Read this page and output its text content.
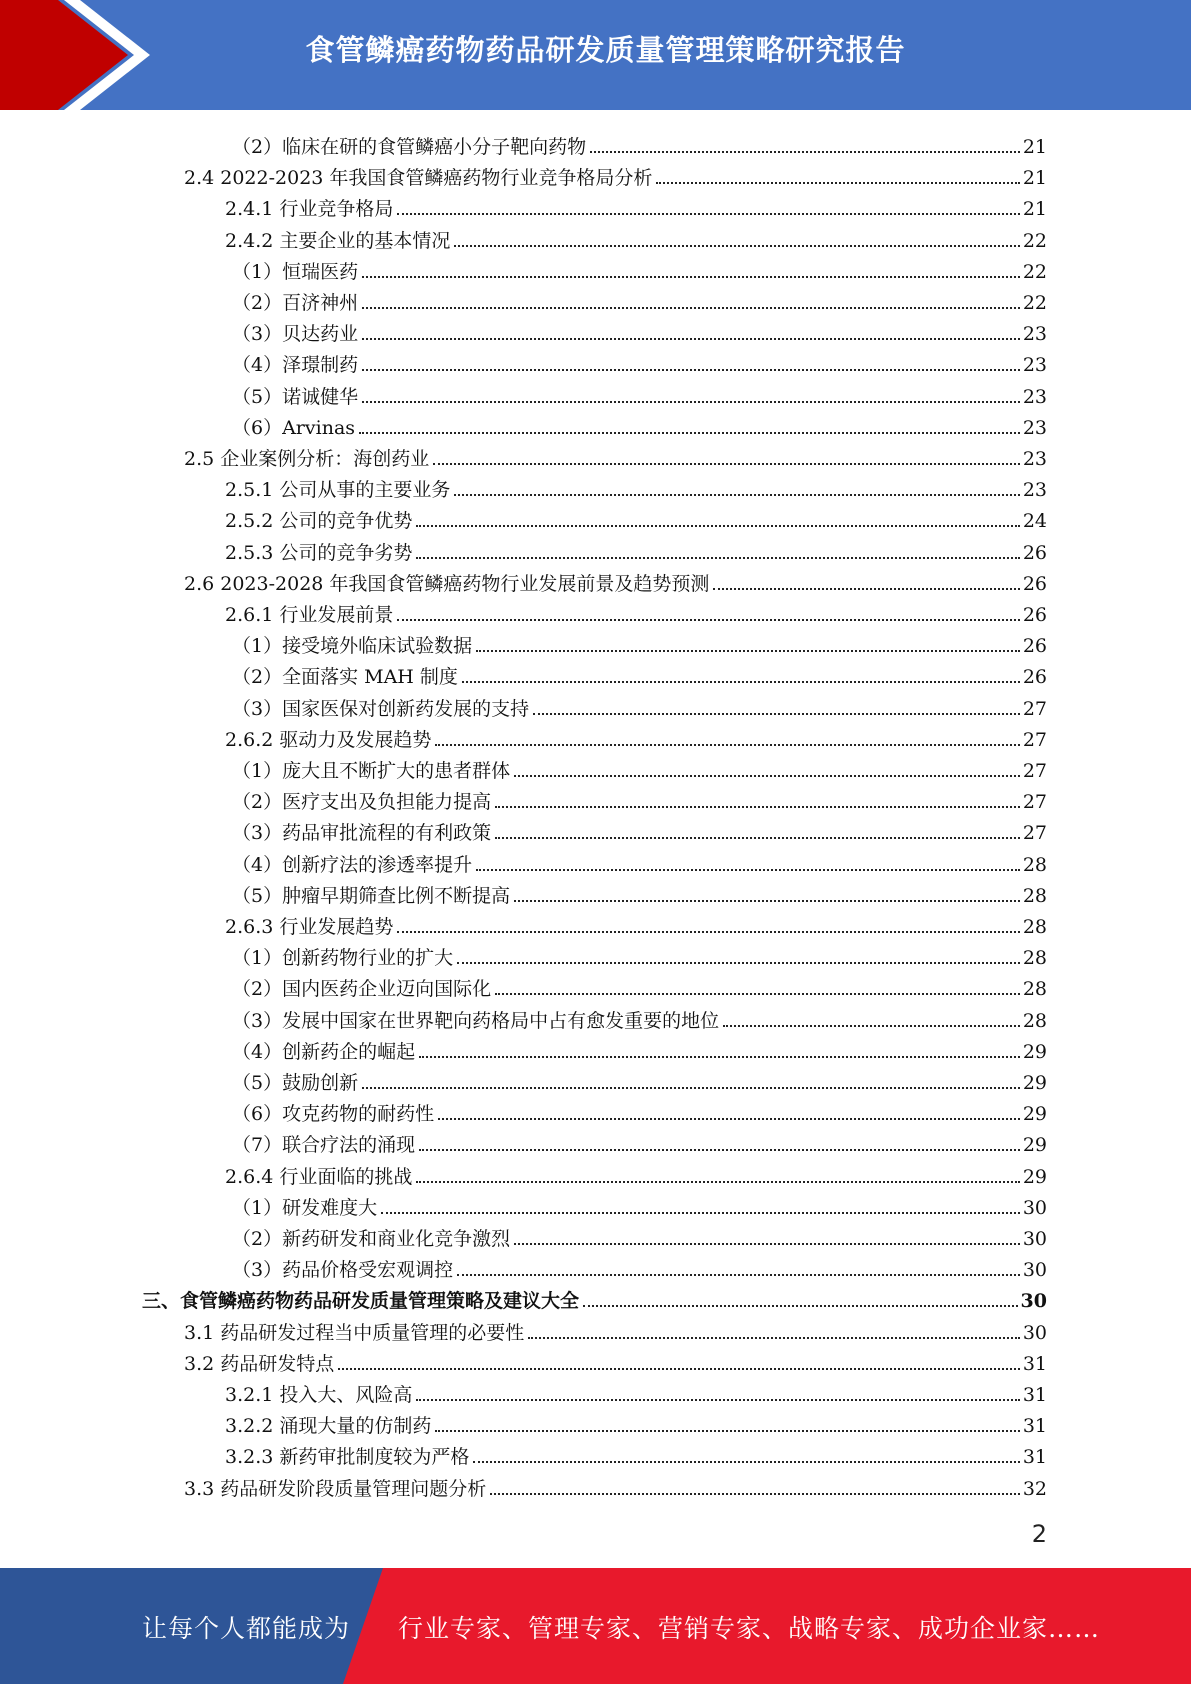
食管鳞癌药物药品研发质量管理策略研究报告
（2）临床在研的食管鳞癌小分子靶向药物	21
2.4 2022-2023 年我国食管鳞癌药物行业竞争格局分析	21
2.4.1 行业竞争格局	21
2.4.2 主要企业的基本情况	22
（1）恒瑞医药	22
（2）百济神州	22
（3）贝达药业	23
（4）泽璟制药	23
（5）诺诚健华	23
（6）Arvinas	23
2.5 企业案例分析：海创药业	23
2.5.1 公司从事的主要业务	23
2.5.2 公司的竞争优势	24
2.5.3 公司的竞争劣势	26
2.6 2023-2028 年我国食管鳞癌药物行业发展前景及趋势预测	26
2.6.1 行业发展前景	26
（1）接受境外临床试验数据	26
（2）全面落实 MAH 制度	26
（3）国家医保对创新药发展的支持	27
2.6.2 驱动力及发展趋势	27
（1）庞大且不断扩大的患者群体	27
（2）医疗支出及负担能力提高	27
（3）药品审批流程的有利政策	27
（4）创新疗法的渗透率提升	28
（5）肿瘤早期筛查比例不断提高	28
2.6.3 行业发展趋势	28
（1）创新药物行业的扩大	28
（2）国内医药企业迈向国际化	28
（3）发展中国家在世界靶向药格局中占有愈发重要的地位	28
（4）创新药企的崛起	29
（5）鼓励创新	29
（6）攻克药物的耐药性	29
（7）联合疗法的涌现	29
2.6.4 行业面临的挑战	29
（1）研发难度大	30
（2）新药研发和商业化竞争激烈	30
（3）药品价格受宏观调控	30
三、食管鳞癌药物药品研发质量管理策略及建议大全	30
3.1 药品研发过程当中质量管理的必要性	30
3.2 药品研发特点	31
3.2.1 投入大、风险高	31
3.2.2 涌现大量的仿制药	31
3.2.3 新药审批制度较为严格	31
3.3 药品研发阶段质量管理问题分析	32
2
让每个人都能成为 行业专家、管理专家、营销专家、战略专家、成功企业家……
